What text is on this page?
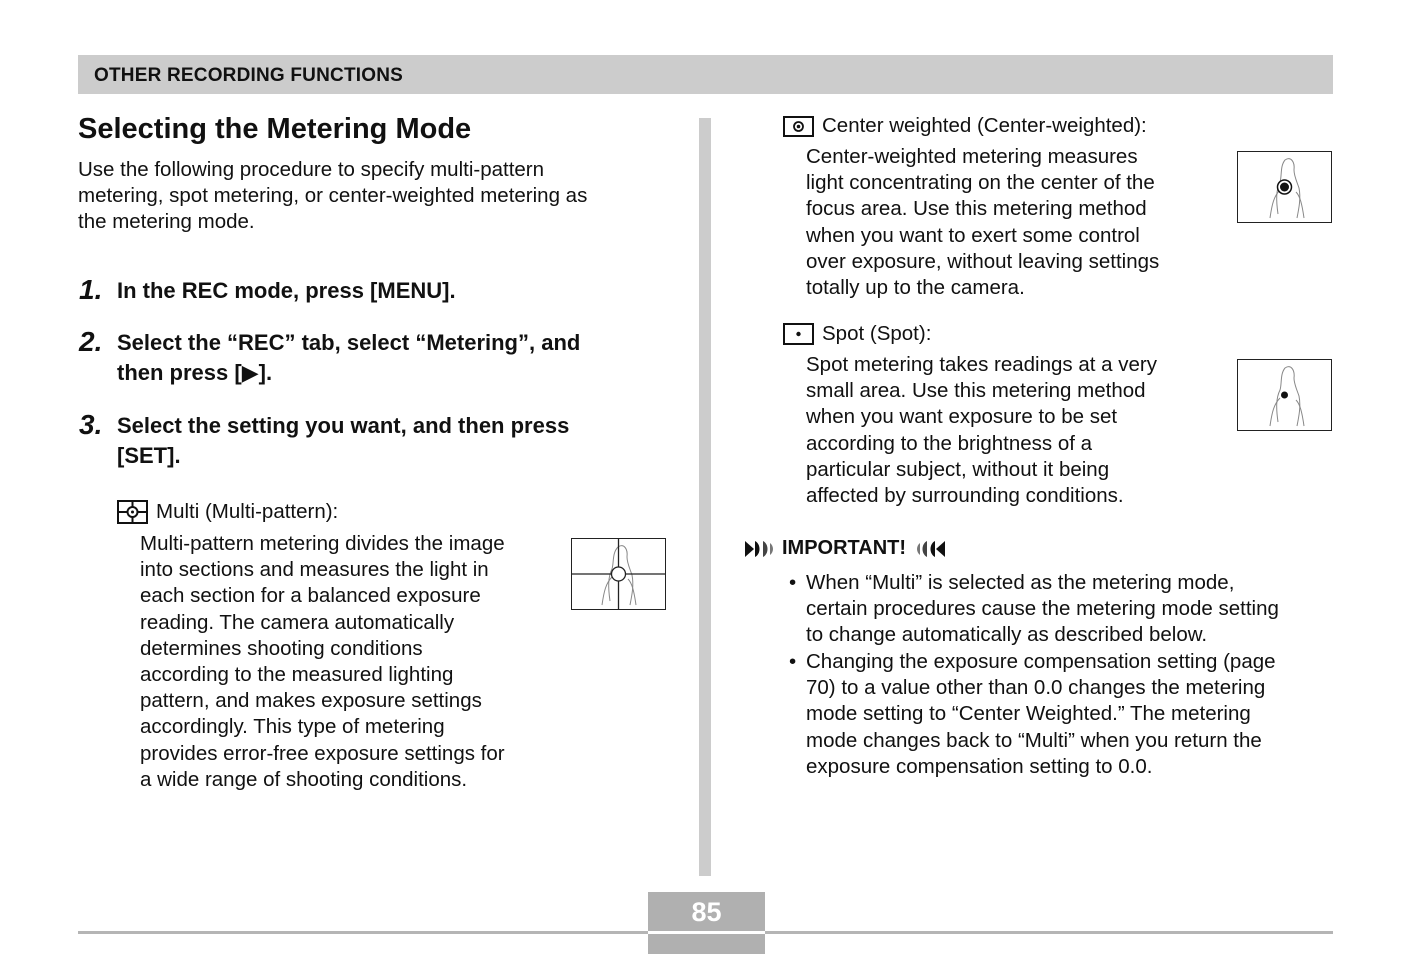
OTHER RECORDING FUNCTIONS
Selecting the Metering Mode
Use the following procedure to specify multi-pattern
metering, spot metering, or center-weighted metering as
the metering mode.
1. In the REC mode, press [MENU].
2. Select the “REC” tab, select “Metering”, and
then press [▶].
3. Select the setting you want, and then press
[SET].
Multi (Multi-pattern):
Multi-pattern metering divides the image
into sections and measures the light in
each section for a balanced exposure
reading. The camera automatically
determines shooting conditions
according to the measured lighting
pattern, and makes exposure settings
accordingly. This type of metering
provides error-free exposure settings for
a wide range of shooting conditions.
Center weighted (Center-weighted):
Center-weighted metering measures
light concentrating on the center of the
focus area. Use this metering method
when you want to exert some control
over exposure, without leaving settings
totally up to the camera.
Spot (Spot):
Spot metering takes readings at a very
small area. Use this metering method
when you want exposure to be set
according to the brightness of a
particular subject, without it being
affected by surrounding conditions.
IMPORTANT!
• When “Multi” is selected as the metering mode,
certain procedures cause the metering mode setting
to change automatically as described below.
• Changing the exposure compensation setting (page
70) to a value other than 0.0 changes the metering
mode setting to “Center Weighted.” The metering
mode changes back to “Multi” when you return the
exposure compensation setting to 0.0.
85
